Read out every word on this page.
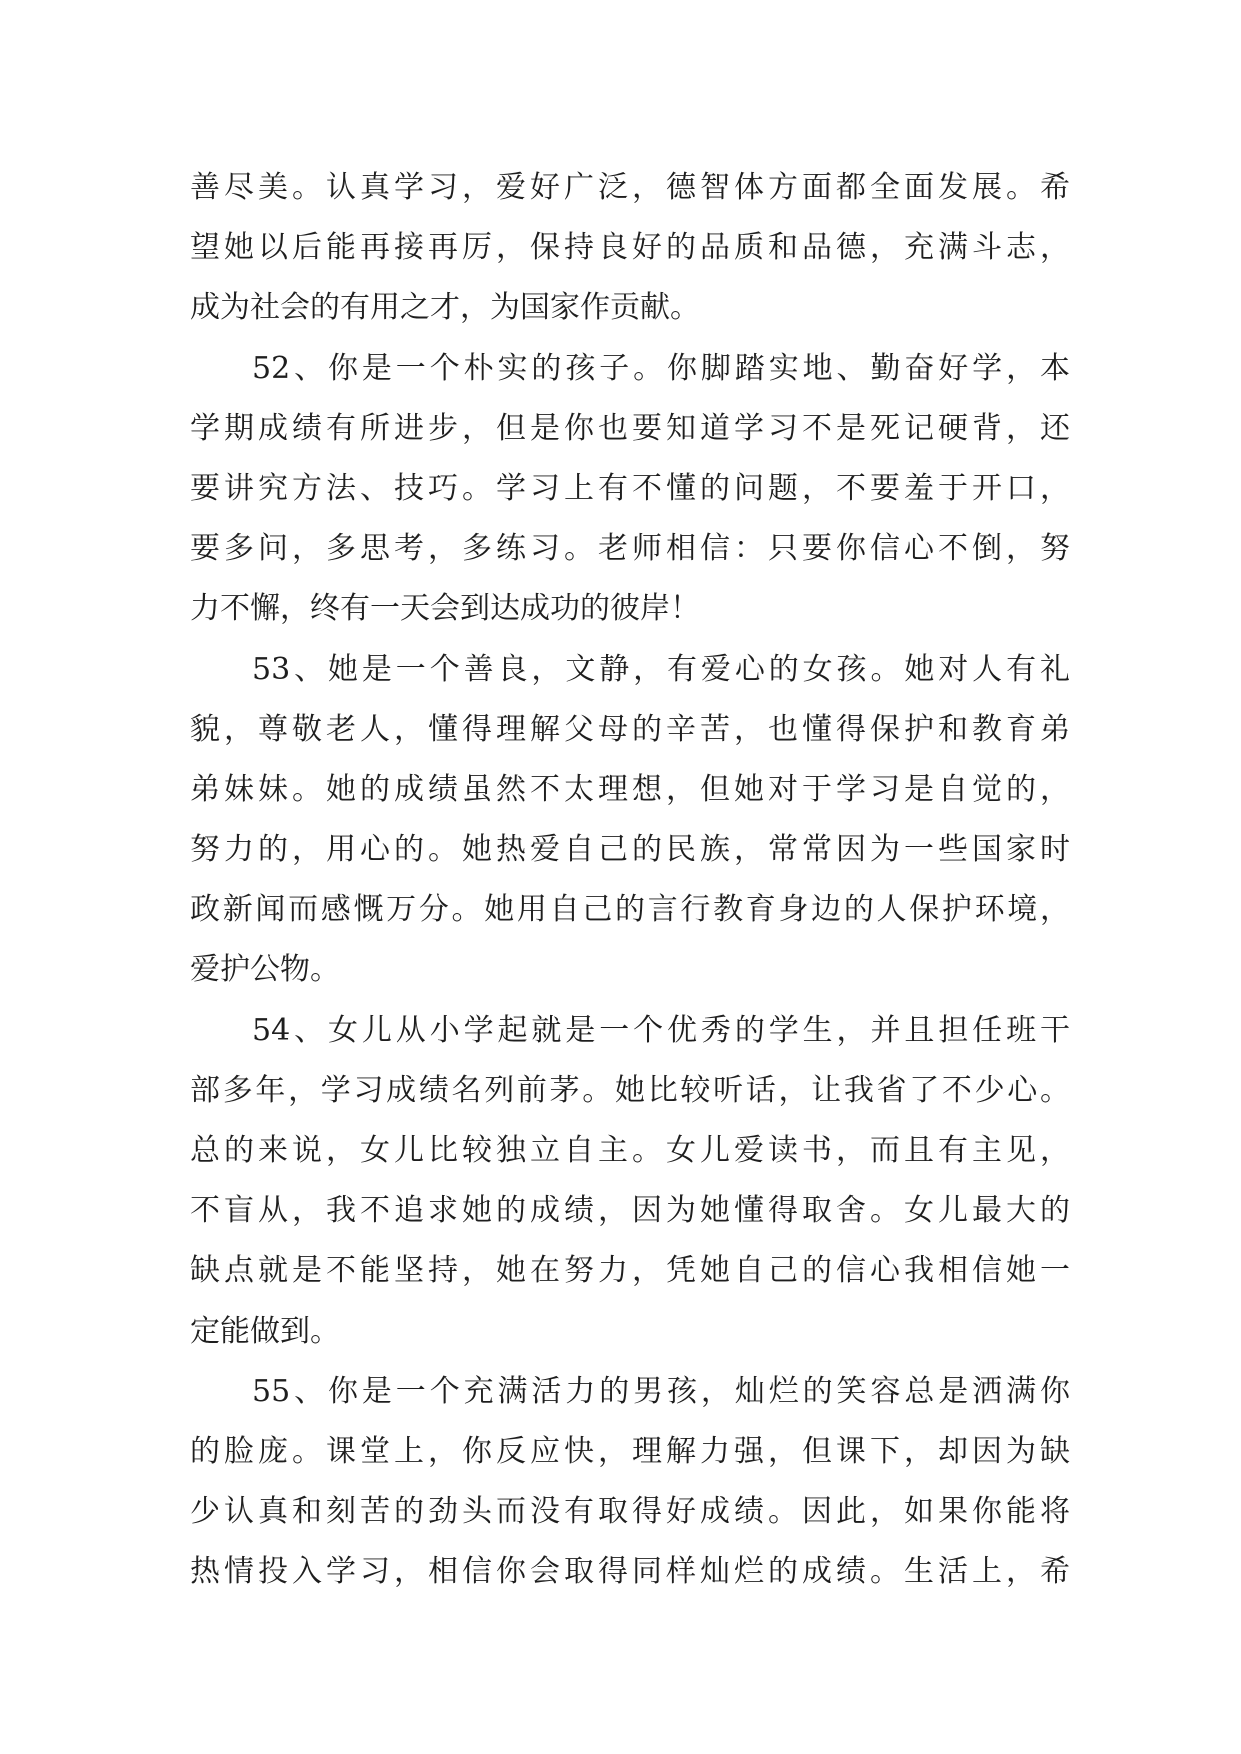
善尽美。认真学习，爱好广泛，德智体方面都全面发展。希
望她以后能再接再厉，保持良好的品质和品德，充满斗志，
成为社会的有用之才，为国家作贡献。
52、你是一个朴实的孩子。你脚踏实地、勤奋好学，本
学期成绩有所进步，但是你也要知道学习不是死记硬背，还
要讲究方法、技巧。学习上有不懂的问题，不要羞于开口，
要多问，多思考，多练习。老师相信：只要你信心不倒，努
力不懈，终有一天会到达成功的彼岸！
53、她是一个善良，文静，有爱心的女孩。她对人有礼
貌，尊敬老人，懂得理解父母的辛苦，也懂得保护和教育弟
弟妹妹。她的成绩虽然不太理想，但她对于学习是自觉的，
努力的，用心的。她热爱自己的民族，常常因为一些国家时
政新闻而感慨万分。她用自己的言行教育身边的人保护环境，
爱护公物。
54、女儿从小学起就是一个优秀的学生，并且担任班干
部多年，学习成绩名列前茅。她比较听话，让我省了不少心。
总的来说，女儿比较独立自主。女儿爱读书，而且有主见，
不盲从，我不追求她的成绩，因为她懂得取舍。女儿最大的
缺点就是不能坚持，她在努力，凭她自己的信心我相信她一
定能做到。
55、你是一个充满活力的男孩，灿烂的笑容总是洒满你
的脸庞。课堂上，你反应快，理解力强，但课下，却因为缺
少认真和刻苦的劲头而没有取得好成绩。因此，如果你能将
热情投入学习，相信你会取得同样灿烂的成绩。生活上，希
